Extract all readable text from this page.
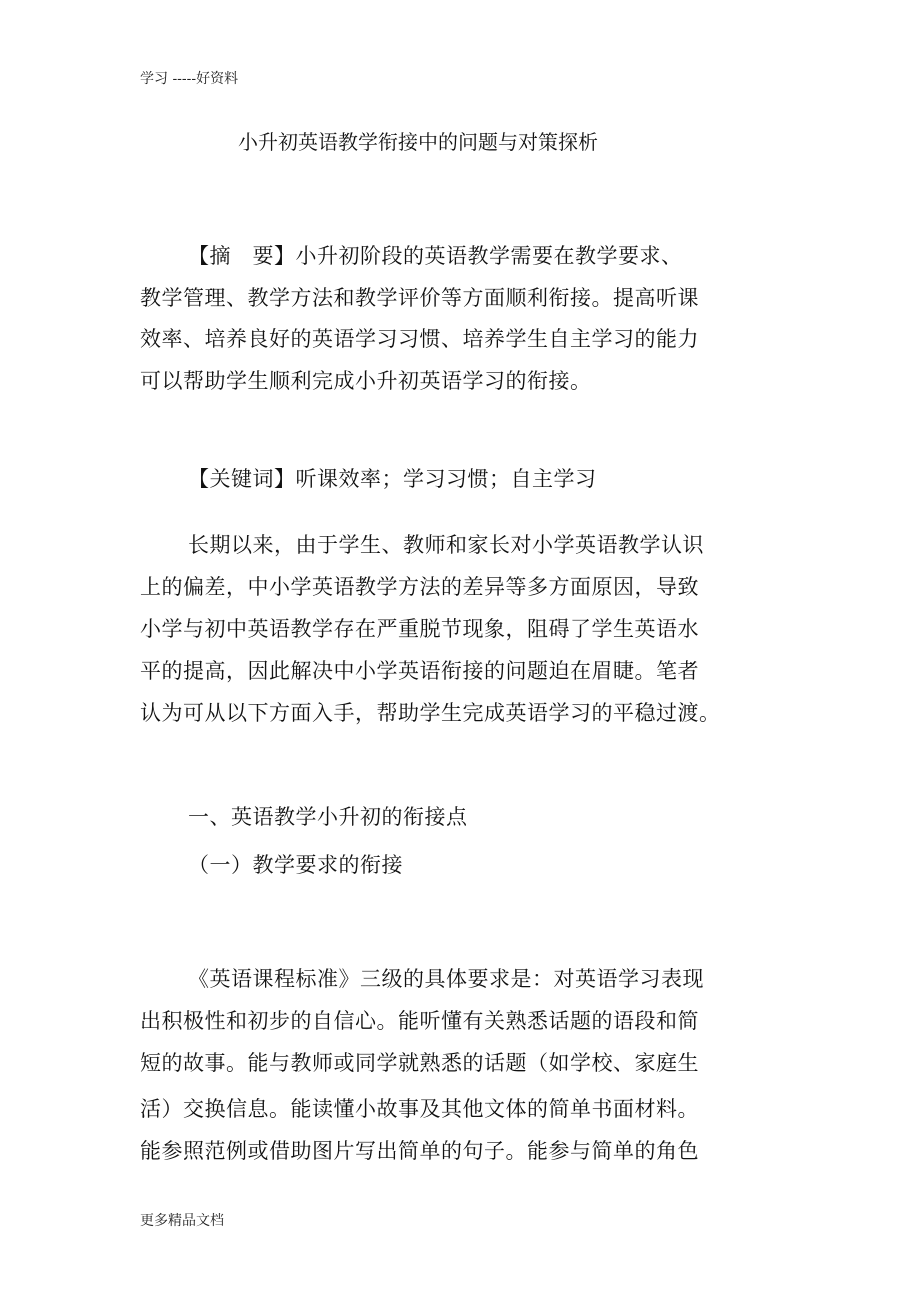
学习 -----好资料
小升初英语教学衔接中的问题与对策探析
【摘　要】小升初阶段的英语教学需要在教学要求、
教学管理、教学方法和教学评价等方面顺利衔接。提高听课
效率、培养良好的英语学习习惯、培养学生自主学习的能力
可以帮助学生顺利完成小升初英语学习的衔接。
【关键词】听课效率；学习习惯；自主学习
长期以来，由于学生、教师和家长对小学英语教学认识
上的偏差，中小学英语教学方法的差异等多方面原因，导致
小学与初中英语教学存在严重脱节现象，阻碍了学生英语水
平的提高，因此解决中小学英语衔接的问题迫在眉睫。笔者
认为可从以下方面入手，帮助学生完成英语学习的平稳过渡。
一、英语教学小升初的衔接点
（一）教学要求的衔接
《英语课程标准》三级的具体要求是：对英语学习表现
出积极性和初步的自信心。能听懂有关熟悉话题的语段和简
短的故事。能与教师或同学就熟悉的话题（如学校、家庭生
活）交换信息。能读懂小故事及其他文体的简单书面材料。
能参照范例或借助图片写出简单的句子。能参与简单的角色
更多精品文档
